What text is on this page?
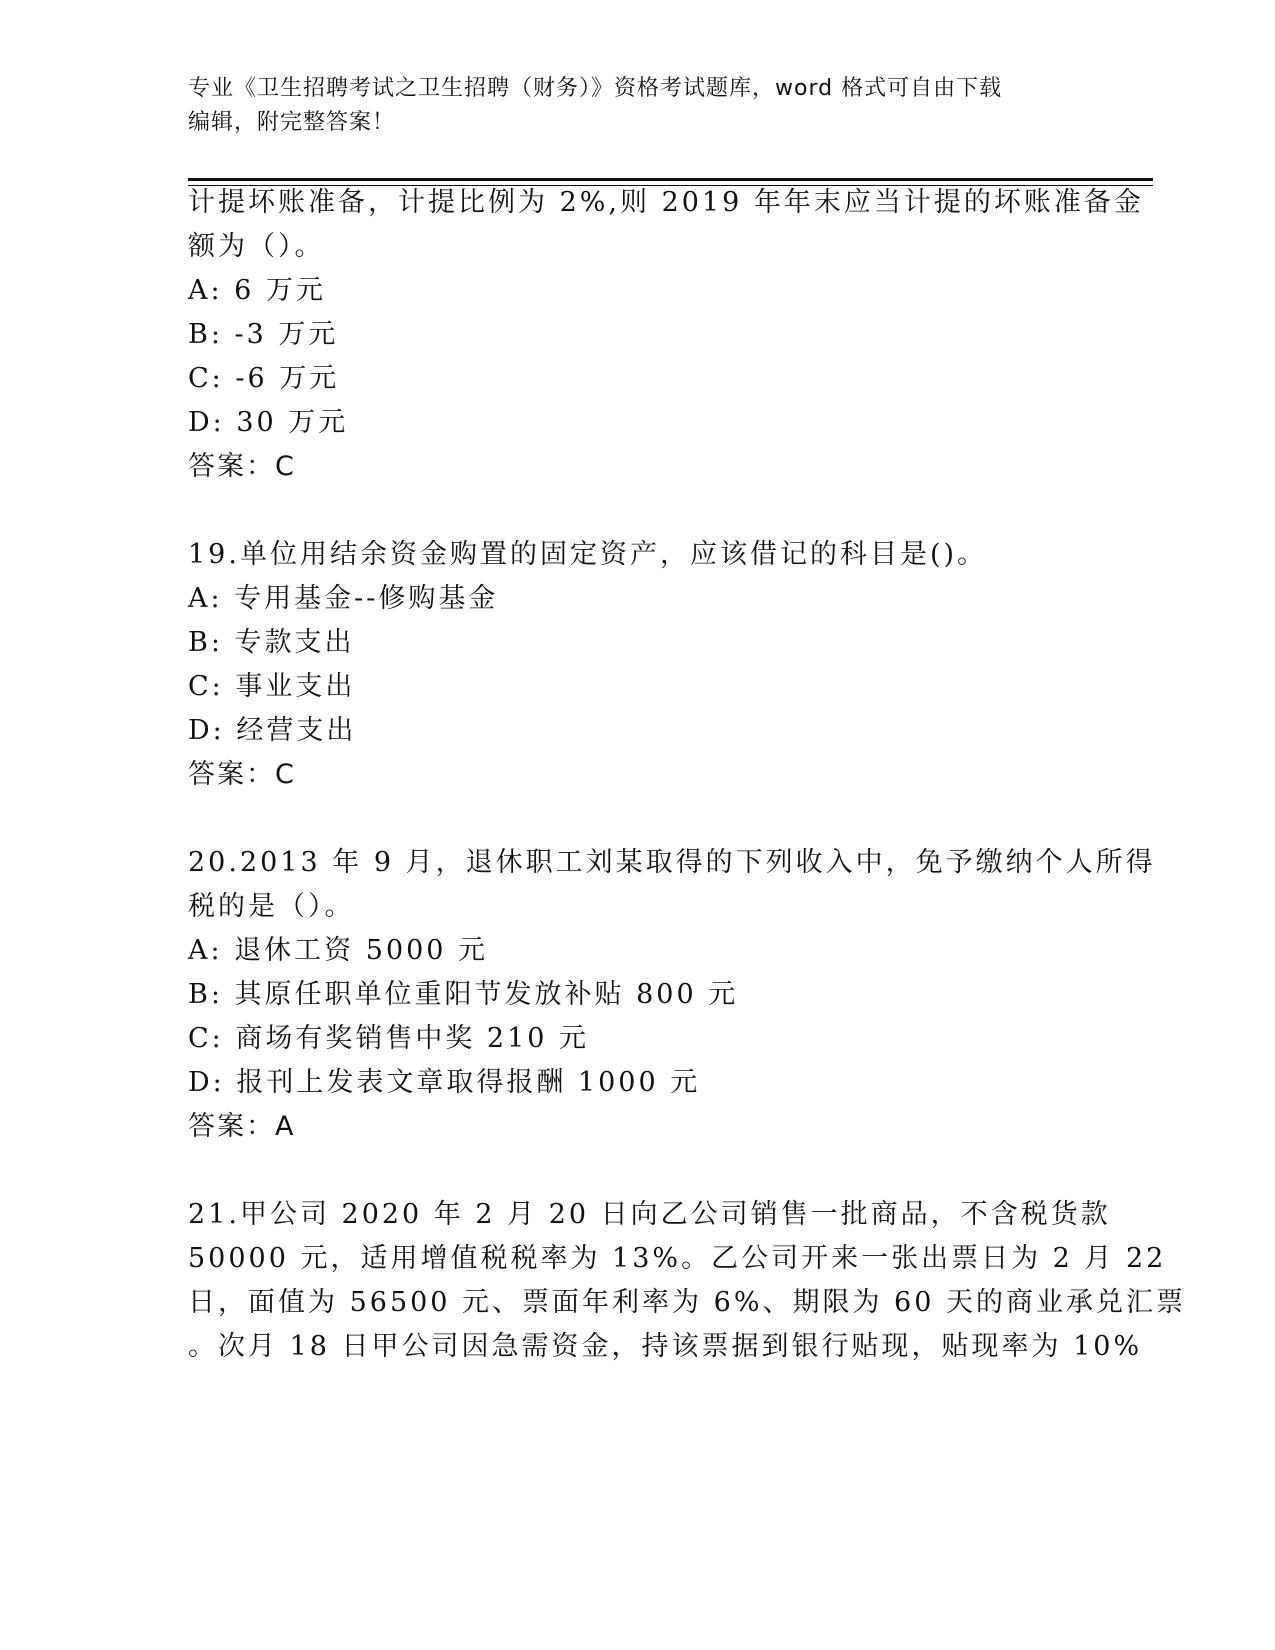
专业《卫生招聘考试之卫生招聘（财务）》资格考试题库，word 格式可自由下载
编辑，附完整答案！
计提坏账准备，计提比例为 2%,则 2019 年年末应当计提的坏账准备金
额为（）。
A: 6 万元
B: -3 万元
C: -6 万元
D: 30 万元
答案：C
19.单位用结余资金购置的固定资产，应该借记的科目是()。
A: 专用基金--修购基金
B: 专款支出
C: 事业支出
D: 经营支出
答案：C
20.2013 年 9 月，退休职工刘某取得的下列收入中，免予缴纳个人所得
税的是（）。
A: 退休工资 5000 元
B: 其原任职单位重阳节发放补贴 800 元
C: 商场有奖销售中奖 210 元
D: 报刊上发表文章取得报酬 1000 元
答案：A
21.甲公司 2020 年 2 月 20 日向乙公司销售一批商品，不含税货款
50000 元，适用增值税税率为 13%。乙公司开来一张出票日为 2 月 22
日，面值为 56500 元、票面年利率为 6%、期限为 60 天的商业承兑汇票
。次月 18 日甲公司因急需资金，持该票据到银行贴现，贴现率为 10%
